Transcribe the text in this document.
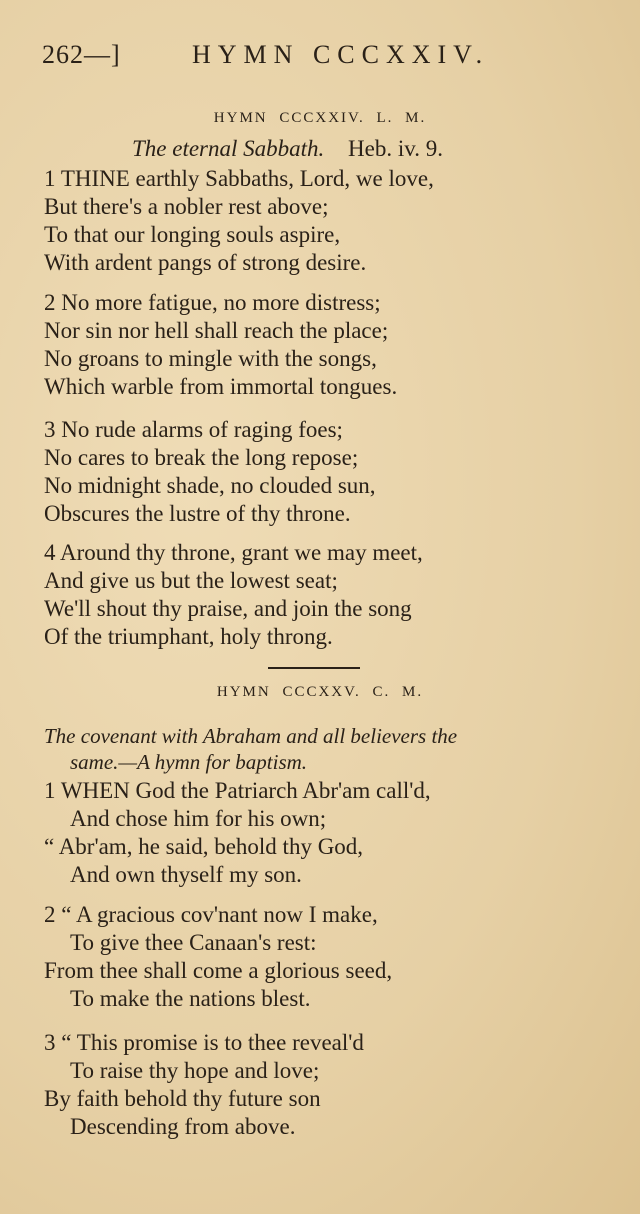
262—]	HYMN CCCXXIV.
HYMN CCCXXIV. L. M.
The eternal Sabbath. Heb. iv. 9.
1 THINE earthly Sabbaths, Lord, we love,
But there's a nobler rest above;
To that our longing souls aspire,
With ardent pangs of strong desire.
2 No more fatigue, no more distress;
Nor sin nor hell shall reach the place;
No groans to mingle with the songs,
Which warble from immortal tongues.
3 No rude alarms of raging foes;
No cares to break the long repose;
No midnight shade, no clouded sun,
Obscures the lustre of thy throne.
4 Around thy throne, grant we may meet,
And give us but the lowest seat;
We'll shout thy praise, and join the song
Of the triumphant, holy throng.
HYMN CCCXXV. C. M.
The covenant with Abraham and all believers the
same.—A hymn for baptism.
1 WHEN God the Patriarch Abr'am call'd,
And chose him for his own;
“ Abr'am, he said, behold thy God,
And own thyself my son.
2 “ A gracious cov'nant now I make,
To give thee Canaan's rest:
From thee shall come a glorious seed,
To make the nations blest.
3 “ This promise is to thee reveal'd
To raise thy hope and love;
By faith behold thy future son
Descending from above.
